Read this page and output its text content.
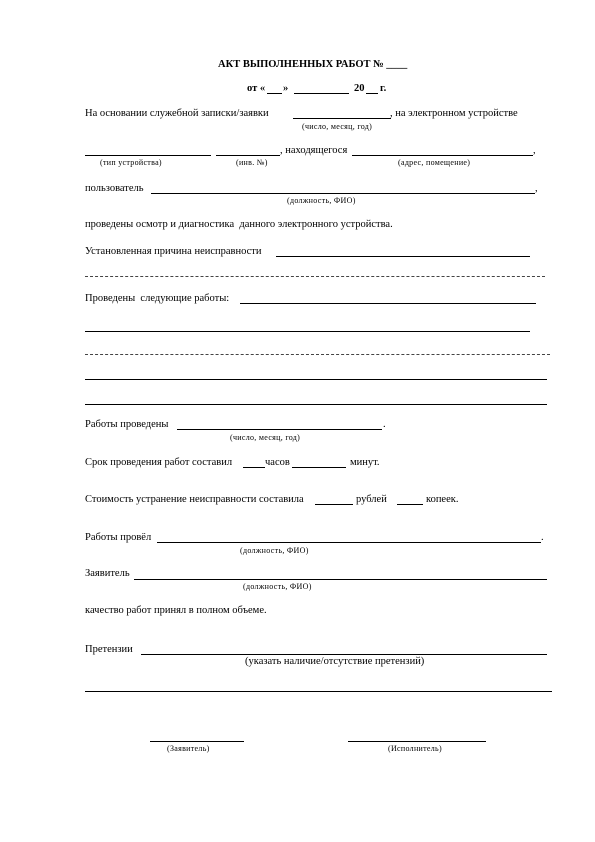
АКТ ВЫПОЛНЕННЫХ РАБОТ № ____
от « »	20 г.
На основании служебной записки/заявки	, на электронном устройстве
(число, месяц, год)
, находящегося	,
(тип устройства)	(инв. №)	(адрес, помещение)
пользователь	,
(должность, ФИО)
проведены осмотр и диагностика  данного электронного устройства.
Установленная причина неисправности
Проведены  следующие работы:
Работы проведены	.
(число, месяц, год)
Срок проведения работ составил	часов	минут.
Стоимость устранение неисправности составила	рублей	копеек.
Работы провёл	.
(должность, ФИО)
Заявитель
(должность, ФИО)
качество работ принял в полном объеме.
Претензии
(указать наличие/отсутствие претензий)
(Заявитель)	(Исполнитель)
